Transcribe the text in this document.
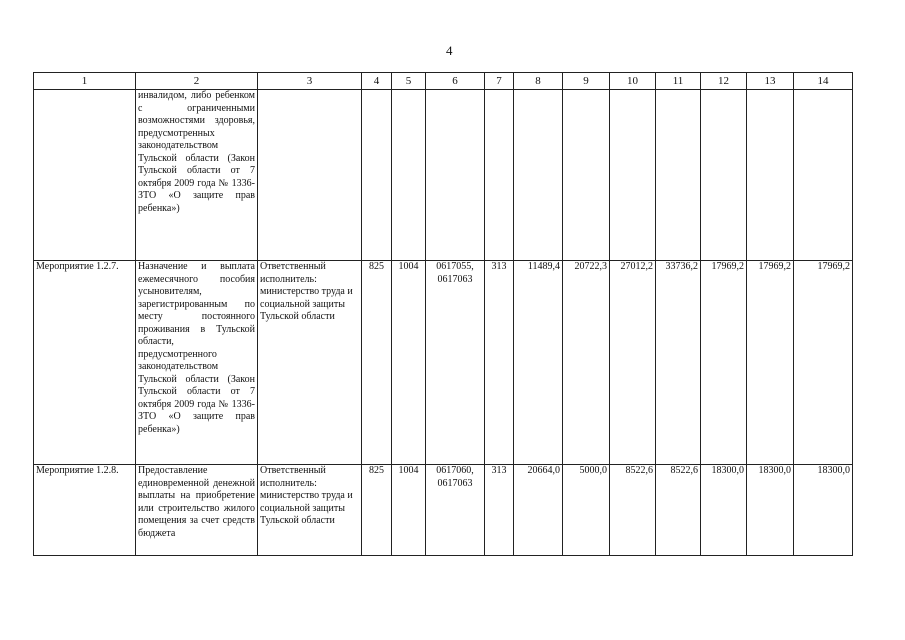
4
1	2	3	4	5	6	7	8	9	10	11	12	13	14
	инвалидом, либо ребенком с ограниченными возможностями здоровья, предусмотренных законодательством Тульской области (Закон Тульской области от 7 октября 2009 года № 1336-ЗТО «О защите прав ребенка»)												
Мероприятие 1.2.7.	Назначение и выплата ежемесячного пособия усыновителям, зарегистрированным по месту постоянного проживания в Тульской области, предусмотренного законодательством Тульской области (Закон Тульской области от 7 октября 2009 года № 1336-ЗТО «О защите прав ребенка»)	Ответственный исполнитель: министерство труда и социальной защиты Тульской области	825	1004	0617055, 0617063	313	11489,4	20722,3	27012,2	33736,2	17969,2	17969,2	17969,2
Мероприятие 1.2.8.	Предоставление единовременной денежной выплаты на приобретение или строительство жилого помещения за счет средств бюджета	Ответственный исполнитель: министерство труда и социальной защиты Тульской области	825	1004	0617060, 0617063	313	20664,0	5000,0	8522,6	8522,6	18300,0	18300,0	18300,0
